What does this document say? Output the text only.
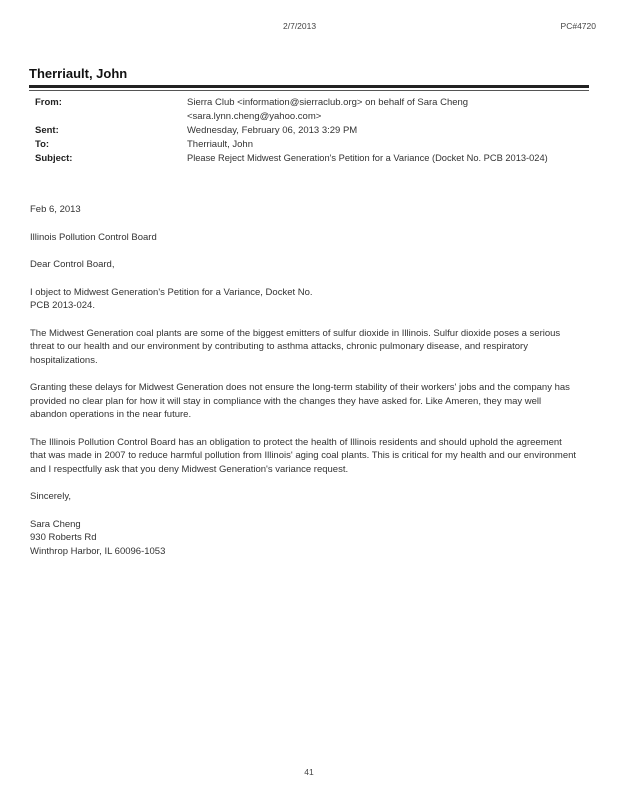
2/7/2013	PC#4720
Therriault, John
From:	Sierra Club <information@sierraclub.org> on behalf of Sara Cheng
<sara.lynn.cheng@yahoo.com>
Sent:	Wednesday, February 06, 2013 3:29 PM
To:	Therriault, John
Subject:	Please Reject Midwest Generation's Petition for a Variance (Docket No. PCB 2013-024)

Feb 6, 2013

Illinois Pollution Control Board

Dear Control Board,

I object to Midwest Generation's Petition for a Variance, Docket No.

PCB 2013-024.

The Midwest Generation coal plants are some of the biggest emitters of sulfur dioxide in Illinois. Sulfur dioxide poses a serious threat to our health and our environment by contributing to asthma attacks, chronic pulmonary disease, and respiratory hospitalizations.

Granting these delays for Midwest Generation does not ensure the long-term stability of their workers' jobs and the company has provided no clear plan for how it will stay in compliance with the changes they have asked for. Like Ameren, they may well abandon operations in the near future.

The Illinois Pollution Control Board has an obligation to protect the health of Illinois residents and should uphold the agreement that was made in 2007 to reduce harmful pollution from Illinois' aging coal plants. This is critical for my health and our environment and I respectfully ask that you deny Midwest Generation's variance request.

Sincerely,

Sara Cheng

930 Roberts Rd

Winthrop Harbor, IL 60096-1053

41
